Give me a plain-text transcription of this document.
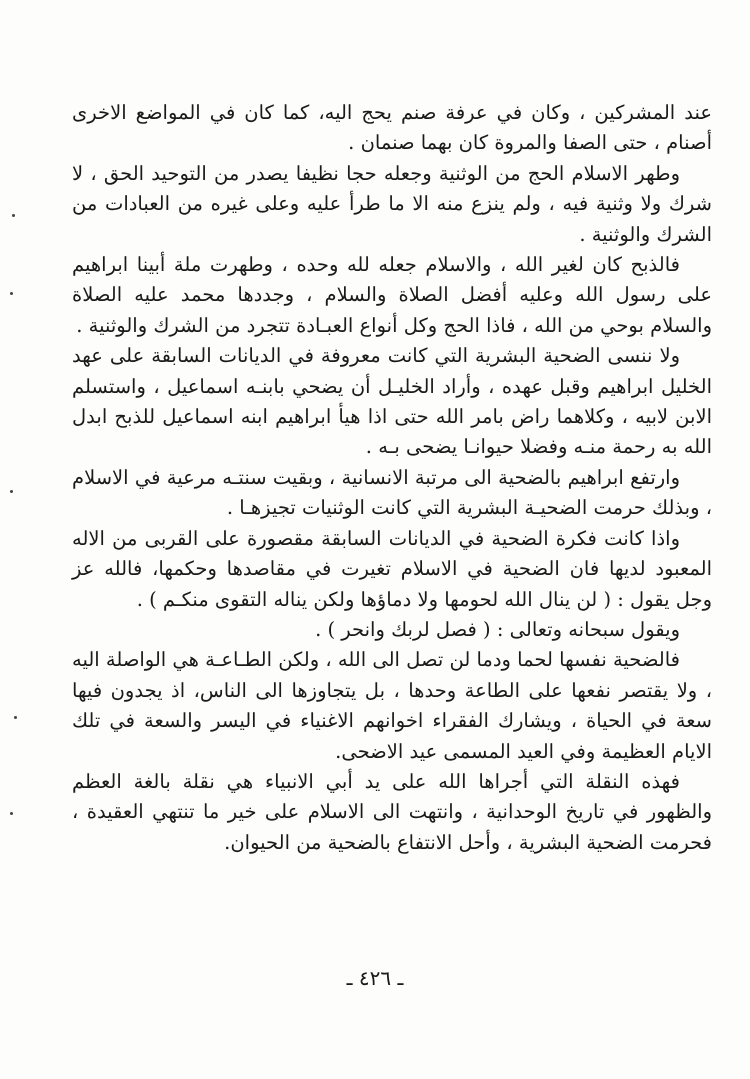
عند المشركين ، وكان في عرفة صنم يحج اليه، كما كان في المواضع الاخرى أصنام ، حتى الصفا والمروة كان بهما صنمان .

وطهر الاسلام الحج من الوثنية وجعله حجا نظيفا يصدر من التوحيد الحق ، لا شرك ولا وثنية فيه ، ولم ينزع منه الا ما طرأ عليه وعلى غيره من العبادات من الشرك والوثنية .

فالذبح كان لغير الله ، والاسلام جعله لله وحده ، وطهرت ملة أبينا ابراهيم على رسول الله وعليه أفضل الصلاة والسلام ، وجددها محمد عليه الصلاة والسلام بوحي من الله ، فاذا الحج وكل أنواع العبـادة تتجرد من الشرك والوثنية .

ولا ننسى الضحية البشرية التي كانت معروفة في الديانات السابقة على عهد الخليل ابراهيم وقبل عهده ، وأراد الخليـل أن يضحي بابنـه اسماعيل ، واستسلم الابن لابيه ، وكلاهما راض بامر الله حتى اذا هيأ ابراهيم ابنه اسماعيل للذبح ابدل الله به رحمة منـه وفضلا حيوانـا يضحى بـه .

وارتفع ابراهيم بالضحية الى مرتبة الانسانية ، وبقيت سنتـه مرعية في الاسلام ، وبذلك حرمت الضحيـة البشرية التي كانت الوثنيات تجيزهـا .

واذا كانت فكرة الضحية في الديانات السابقة مقصورة على القربى من الاله المعبود لديها فان الضحية في الاسلام تغيرت في مقاصدها وحكمها، فالله عز وجل يقول : ( لن ينال الله لحومها ولا دماؤها ولكن يناله التقوى منكـم ) .

ويقول سبحانه وتعالى : ( فصل لربك وانحر ) .

فالضحية نفسها لحما ودما لن تصل الى الله ، ولكن الطـاعـة هي الواصلة اليه ، ولا يقتصر نفعها على الطاعة وحدها ، بل يتجاوزها الى الناس، اذ يجدون فيها سعة في الحياة ، ويشارك الفقراء اخوانهم الاغنياء في اليسر والسعة في تلك الايام العظيمة وفي العيد المسمى عيد الاضحى.

فهذه النقلة التي أجراها الله على يد أبي الانبياء هي نقلة بالغة العظم والظهور في تاريخ الوحدانية ، وانتهت الى الاسلام على خير ما تنتهي العقيدة ، فحرمت الضحية البشرية ، وأحل الانتفاع بالضحية من الحيوان.

ـ ٤٢٦ ـ
